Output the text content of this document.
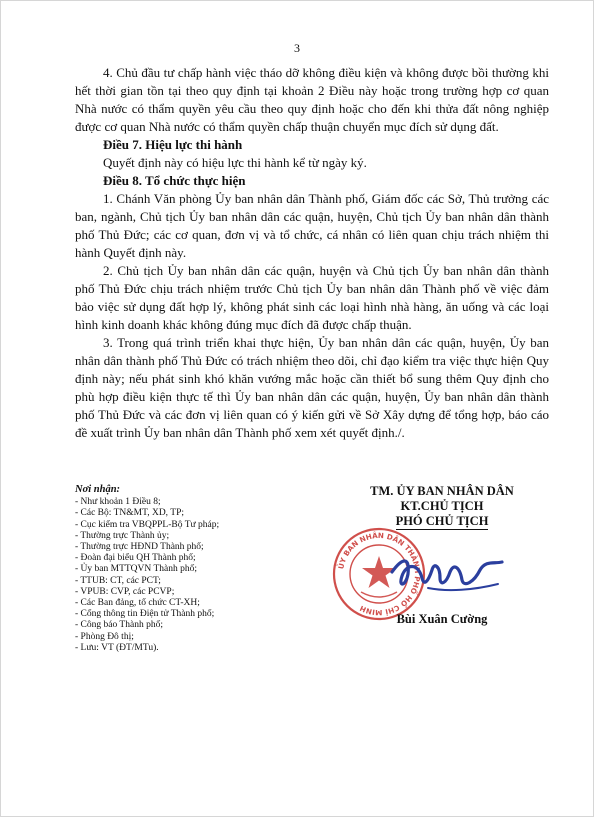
3

4. Chủ đầu tư chấp hành việc tháo dỡ không điều kiện và không được bồi thường khi hết thời gian tồn tại theo quy định tại khoản 2 Điều này hoặc trong trường hợp cơ quan Nhà nước có thẩm quyền yêu cầu theo quy định hoặc cho đến khi thửa đất nông nghiệp được cơ quan Nhà nước có thẩm quyền chấp thuận chuyển mục đích sử dụng đất.

Điều 7. Hiệu lực thi hành

Quyết định này có hiệu lực thi hành kể từ ngày ký.

Điều 8. Tổ chức thực hiện

1. Chánh Văn phòng Ủy ban nhân dân Thành phố, Giám đốc các Sở, Thủ trưởng các ban, ngành, Chủ tịch Ủy ban nhân dân các quận, huyện, Chủ tịch Ủy ban nhân dân thành phố Thủ Đức; các cơ quan, đơn vị và tổ chức, cá nhân có liên quan chịu trách nhiệm thi hành Quyết định này.

2. Chủ tịch Ủy ban nhân dân các quận, huyện và Chủ tịch Ủy ban nhân dân thành phố Thủ Đức chịu trách nhiệm trước Chủ tịch Ủy ban nhân dân Thành phố về việc đảm bảo việc sử dụng đất hợp lý, không phát sinh các loại hình nhà hàng, ăn uống và các loại hình kinh doanh khác không đúng mục đích đã được chấp thuận.

3. Trong quá trình triển khai thực hiện, Ủy ban nhân dân các quận, huyện, Ủy ban nhân dân thành phố Thủ Đức có trách nhiệm theo dõi, chỉ đạo kiểm tra việc thực hiện Quy định này; nếu phát sinh khó khăn vướng mắc hoặc cần thiết bổ sung thêm Quy định cho phù hợp điều kiện thực tế thì Ủy ban nhân dân các quận, huyện, Ủy ban nhân dân thành phố Thủ Đức và các đơn vị liên quan có ý kiến gửi về Sở Xây dựng để tổng hợp, báo cáo đề xuất trình Ủy ban nhân dân Thành phố xem xét quyết định./.

Nơi nhận:
- Như khoản 1 Điều 8;
- Các Bộ: TN&MT, XD, TP;
- Cục kiểm tra VBQPPL-Bộ Tư pháp;
- Thường trực Thành ủy;
- Thường trực HĐND Thành phố;
- Đoàn đại biểu QH Thành phố;
- Ủy ban MTTQVN Thành phố;
- TTUB: CT, các PCT;
- VPUB: CVP, các PCVP;
- Các Ban đảng, tổ chức CT-XH;
- Cổng thông tin Điện tử Thành phố;
- Công báo Thành phố;
- Phòng Đô thị;
- Lưu: VT (ĐT/MTu).
TM. ỦY BAN NHÂN DÂN
KT.CHỦ TỊCH
PHÓ CHỦ TỊCH
ỦY BAN NHÂN DÂN THÀNH PHỐ HỒ CHÍ MINH
Bùi Xuân Cường
